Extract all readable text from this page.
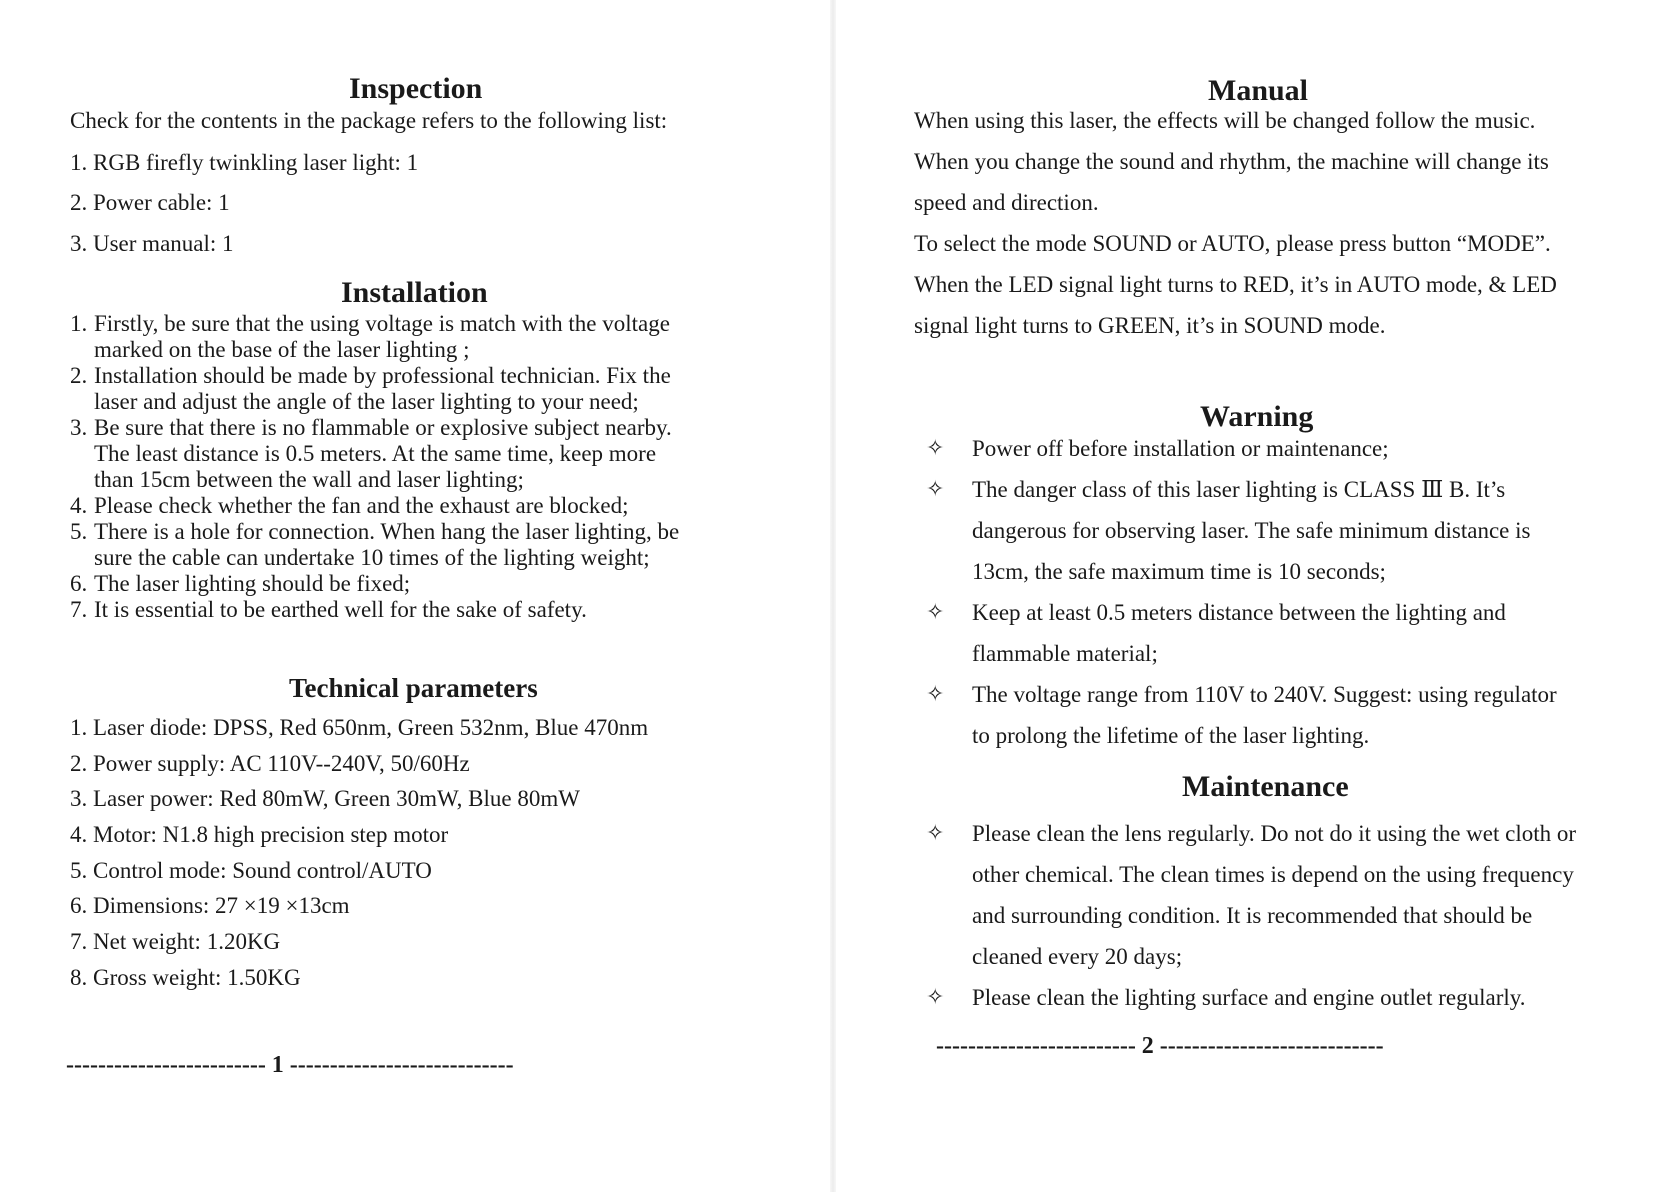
Inspection
Check for the contents in the package refers to the following list:
1. RGB firefly twinkling laser light: 1
2. Power cable: 1
3. User manual: 1
Installation
1. Firstly, be sure that the using voltage is match with the voltage
marked on the base of the laser lighting ;
2. Installation should be made by professional technician. Fix the
laser and adjust the angle of the laser lighting to your need;
3. Be sure that there is no flammable or explosive subject nearby.
The least distance is 0.5 meters. At the same time, keep more
than 15cm between the wall and laser lighting;
4. Please check whether the fan and the exhaust are blocked;
5. There is a hole for connection. When hang the laser lighting, be
sure the cable can undertake 10 times of the lighting weight;
6. The laser lighting should be fixed;
7. It is essential to be earthed well for the sake of safety.
Technical parameters
1. Laser diode: DPSS, Red 650nm, Green 532nm, Blue 470nm
2. Power supply: AC 110V--240V, 50/60Hz
3. Laser power: Red 80mW, Green 30mW, Blue 80mW
4. Motor: N1.8 high precision step motor
5. Control mode: Sound control/AUTO
6. Dimensions: 27 ×19 ×13cm
7. Net weight: 1.20KG
8. Gross weight: 1.50KG
------------------------- 1 ----------------------------
Manual
When using this laser, the effects will be changed follow the music.
When you change the sound and rhythm, the machine will change its
speed and direction.
To select the mode SOUND or AUTO, please press button “MODE”.
When the LED signal light turns to RED, it’s in AUTO mode, & LED
signal light turns to GREEN, it’s in SOUND mode.
Warning
✧ Power off before installation or maintenance;
✧ The danger class of this laser lighting is CLASS Ⅲ B. It’s
dangerous for observing laser. The safe minimum distance is
13cm, the safe maximum time is 10 seconds;
✧ Keep at least 0.5 meters distance between the lighting and
flammable material;
✧ The voltage range from 110V to 240V. Suggest: using regulator
to prolong the lifetime of the laser lighting.
Maintenance
✧ Please clean the lens regularly. Do not do it using the wet cloth or
other chemical. The clean times is depend on the using frequency
and surrounding condition. It is recommended that should be
cleaned every 20 days;
✧ Please clean the lighting surface and engine outlet regularly.
------------------------- 2 ----------------------------
